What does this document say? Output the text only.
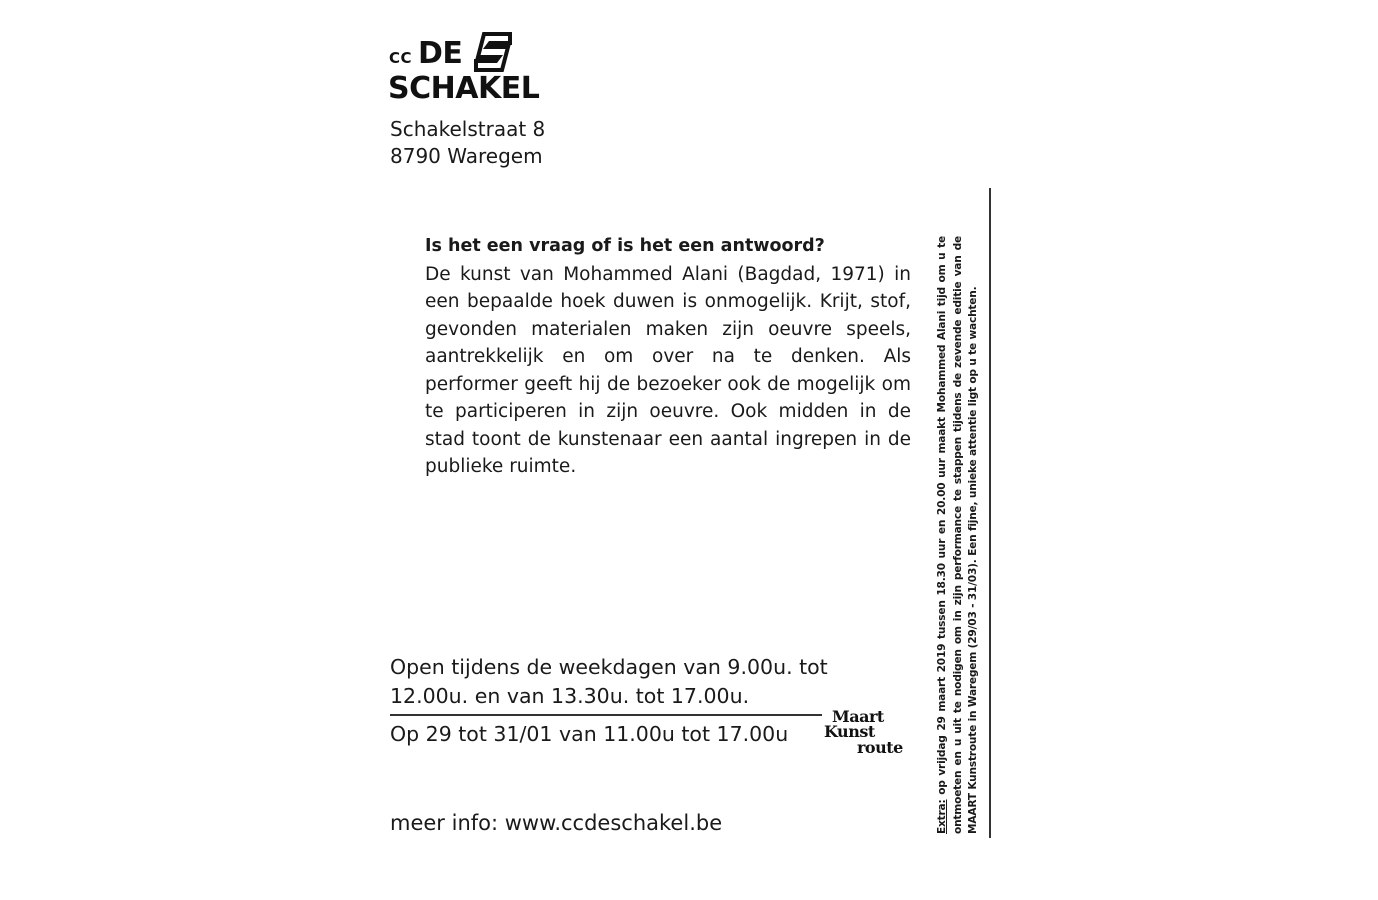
CC DE
SCHAKEL
Schakelstraat 8
8790 Waregem
Is het een vraag of is het een antwoord?
De kunst van Mohammed Alani (Bagdad, 1971) in een bepaalde hoek duwen is onmogelijk. Krijt, stof, gevonden materialen maken zijn oeuvre speels, aantrekkelijk en om over na te denken. Als performer geeft hij de bezoeker ook de mogelijk om te participeren in zijn oeuvre. Ook midden in de stad toont de kunstenaar een aantal ingrepen in de publieke ruimte.
Open tijdens de weekdagen van 9.00u. tot 12.00u. en van 13.30u. tot 17.00u.
Op 29 tot 31/01 van 11.00u tot 17.00u
Maart
Kunst
route
meer info: www.ccdeschakel.be	Extra: op vrijdag 29 maart 2019 tussen 18.30 uur en 20.00 uur maakt Mohammed Alani tijd om u te ontmoeten en u uit te nodigen om in zijn performance te stappen tijdens de zevende editie van de MAART Kunstroute in Waregem (29/03 - 31/03). Een fijne, unieke attentie ligt op u te wachten.
